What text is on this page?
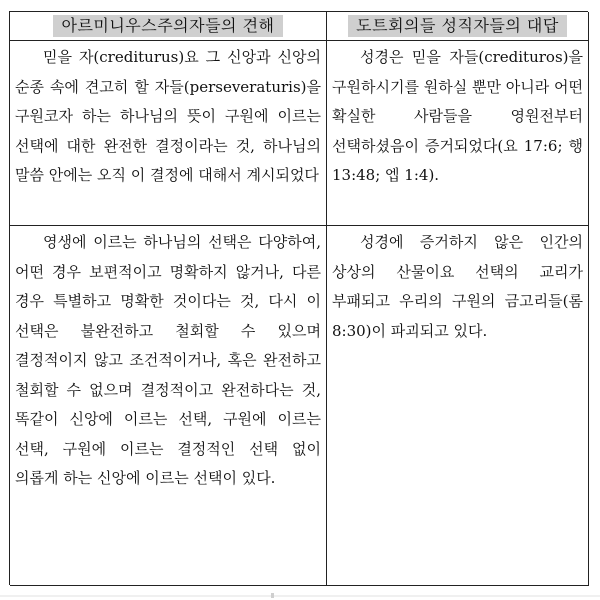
아르미니우스주의자들의 견해	도트회의들 성직자들의 대답
믿을 자(crediturus)요 그 신앙과 신앙의 순종 속에 견고히 할 자들(perseveraturis)을 구원코자 하는 하나님의 뜻이 구원에 이르는 선택에 대한 완전한 결정이라는 것, 하나님의 말씀 안에는 오직 이 결정에 대해서 계시되었다
성경은 믿을 자들(credituros)을 구원하시기를 원하실 뿐만 아니라 어떤 확실한 사람들을 영원전부터 선택하셨음이 증거되었다(요 17:6; 행 13:48; 엡 1:4).
영생에 이르는 하나님의 선택은 다양하여, 어떤 경우 보편적이고 명확하지 않거나, 다른 경우 특별하고 명확한 것이다는 것, 다시 이 선택은 불완전하고 철회할 수 있으며 결정적이지 않고 조건적이거나, 혹은 완전하고 철회할 수 없으며 결정적이고 완전하다는 것, 똑같이 신앙에 이르는 선택, 구원에 이르는 선택, 구원에 이르는 결정적인 선택 없이 의롭게 하는 신앙에 이르는 선택이 있다.
성경에 증거하지 않은 인간의 상상의 산물이요 선택의 교리가 부패되고 우리의 구원의 금고리들(롬 8:30)이 파괴되고 있다.
